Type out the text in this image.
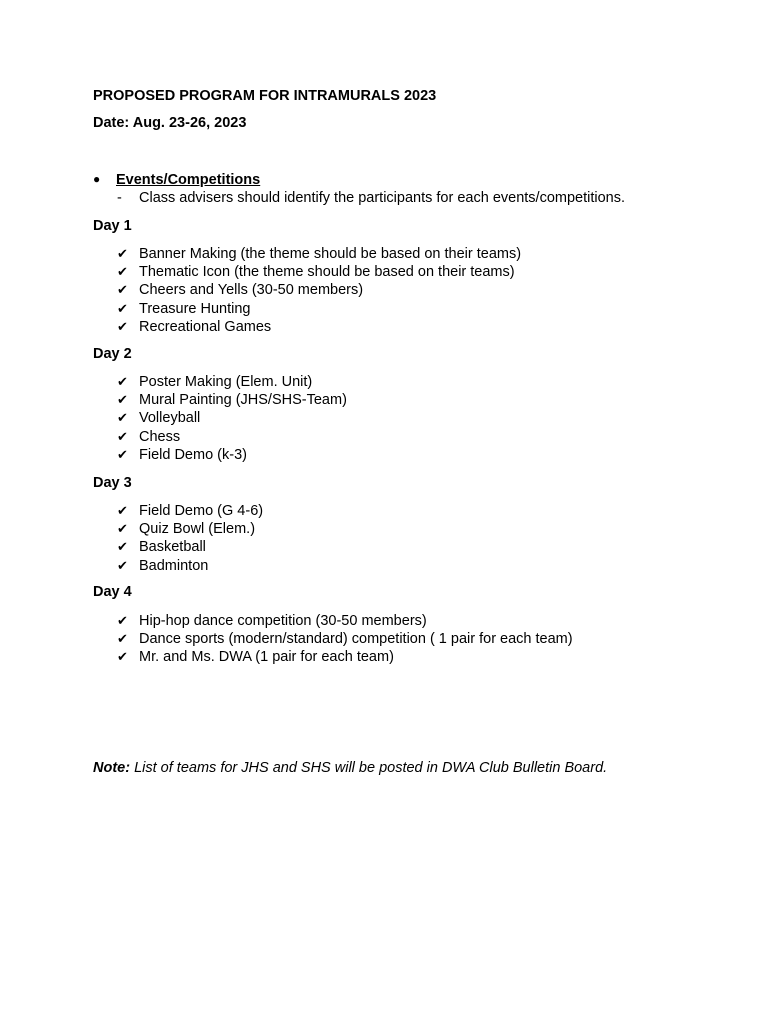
PROPOSED PROGRAM FOR INTRAMURALS 2023
Date: Aug. 23-26, 2023
● Events/Competitions
- Class advisers should identify the participants for each events/competitions.
Day 1
✔ Banner Making (the theme should be based on their teams)
✔ Thematic Icon (the theme should be based on their teams)
✔ Cheers and Yells (30-50 members)
✔ Treasure Hunting
✔ Recreational Games
Day 2
✔ Poster Making (Elem. Unit)
✔ Mural Painting (JHS/SHS-Team)
✔ Volleyball
✔ Chess
✔ Field Demo (k-3)
Day 3
✔ Field Demo (G 4-6)
✔ Quiz Bowl (Elem.)
✔ Basketball
✔ Badminton
Day 4
✔ Hip-hop dance competition (30-50 members)
✔ Dance sports (modern/standard) competition ( 1 pair for each team)
✔ Mr. and Ms. DWA (1 pair for each team)
Note: List of teams for JHS and SHS will be posted in DWA Club Bulletin Board.
